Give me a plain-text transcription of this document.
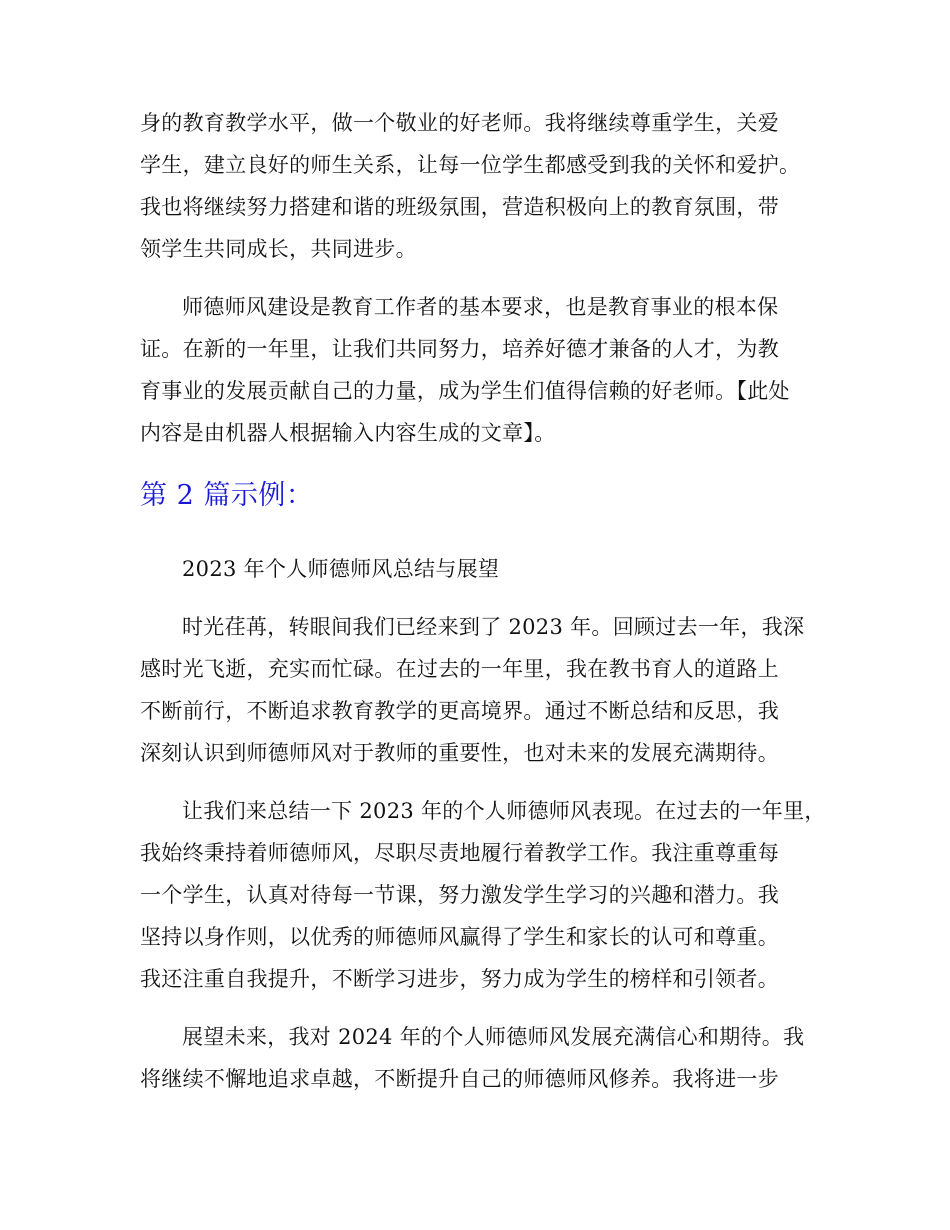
身的教育教学水平，做一个敬业的好老师。我将继续尊重学生，关爱
学生，建立良好的师生关系，让每一位学生都感受到我的关怀和爱护。
我也将继续努力搭建和谐的班级氛围，营造积极向上的教育氛围，带
领学生共同成长，共同进步。
师德师风建设是教育工作者的基本要求，也是教育事业的根本保
证。在新的一年里，让我们共同努力，培养好德才兼备的人才，为教
育事业的发展贡献自己的力量，成为学生们值得信赖的好老师。【此处
内容是由机器人根据输入内容生成的文章】。
第 2 篇示例：
2023 年个人师德师风总结与展望
时光荏苒，转眼间我们已经来到了 2023 年。回顾过去一年，我深
感时光飞逝，充实而忙碌。在过去的一年里，我在教书育人的道路上
不断前行，不断追求教育教学的更高境界。通过不断总结和反思，我
深刻认识到师德师风对于教师的重要性，也对未来的发展充满期待。
让我们来总结一下 2023 年的个人师德师风表现。在过去的一年里，
我始终秉持着师德师风，尽职尽责地履行着教学工作。我注重尊重每
一个学生，认真对待每一节课，努力激发学生学习的兴趣和潜力。我
坚持以身作则，以优秀的师德师风赢得了学生和家长的认可和尊重。
我还注重自我提升，不断学习进步，努力成为学生的榜样和引领者。
展望未来，我对 2024 年的个人师德师风发展充满信心和期待。我
将继续不懈地追求卓越，不断提升自己的师德师风修养。我将进一步
